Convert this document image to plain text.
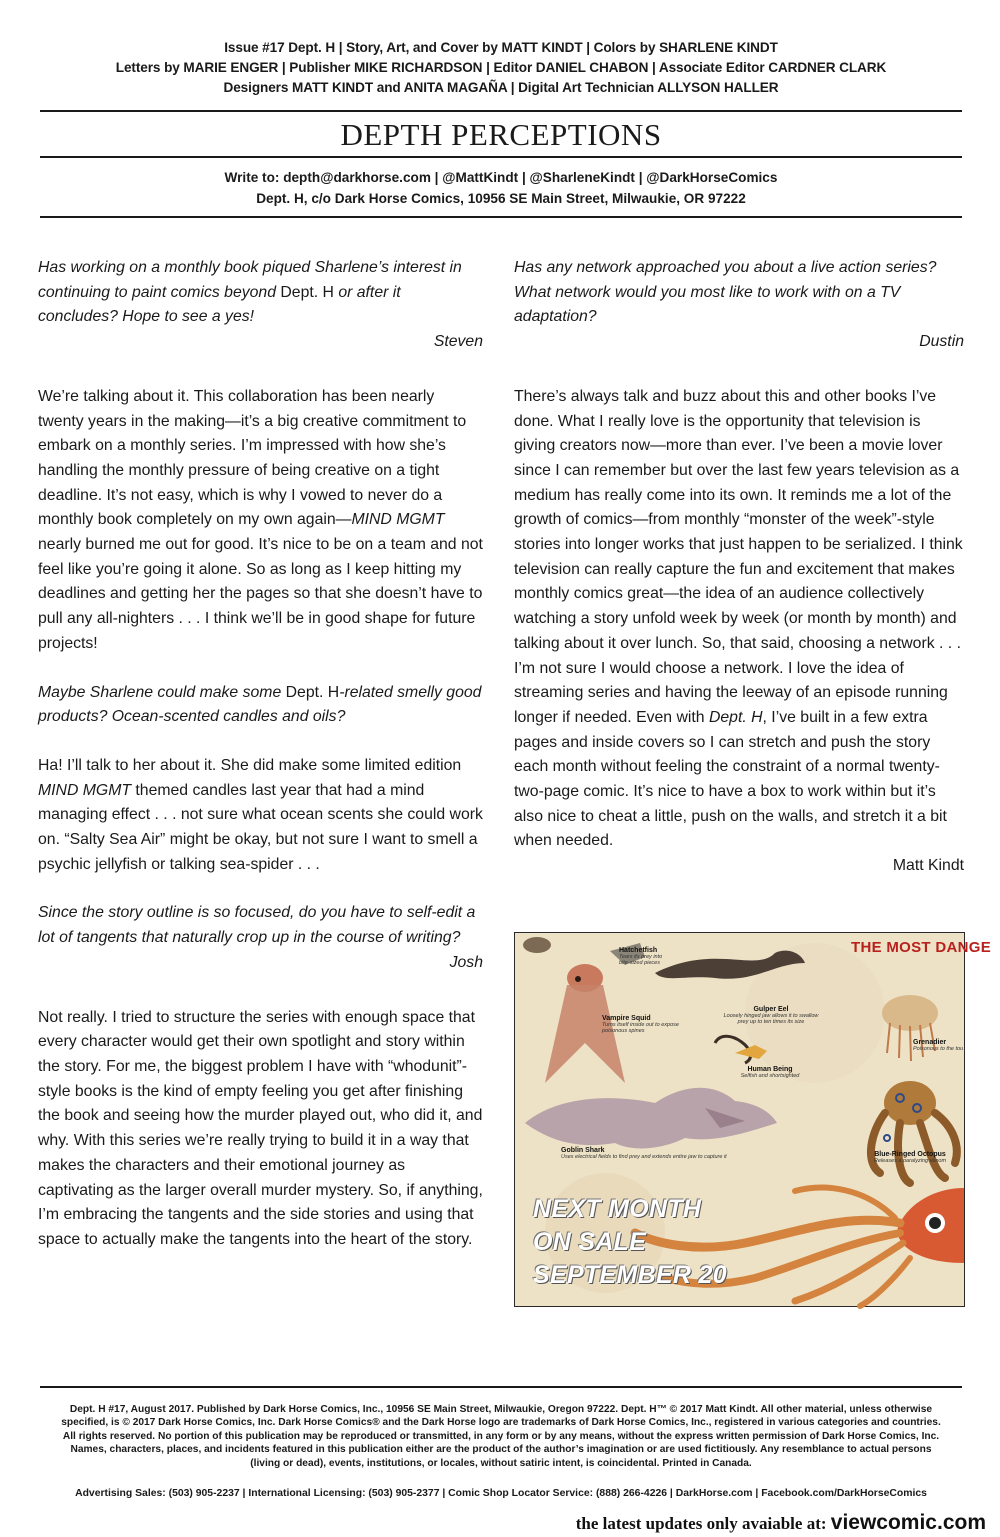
Issue #17 Dept. H | Story, Art, and Cover by MATT KINDT | Colors by SHARLENE KINDT
Letters by MARIE ENGER | Publisher MIKE RICHARDSON | Editor DANIEL CHABON | Associate Editor CARDNER CLARK
Designers MATT KINDT and ANITA MAGAÑA | Digital Art Technician ALLYSON HALLER
DEPTH PERCEPTIONS
Write to: depth@darkhorse.com | @MattKindt | @SharleneKindt | @DarkHorseComics
Dept. H, c/o Dark Horse Comics, 10956 SE Main Street, Milwaukie, OR 97222

Has working on a monthly book piqued Sharlene’s interest in continuing to paint comics beyond Dept. H or after it concludes? Hope to see a yes!

Steven

We’re talking about it. This collaboration has been nearly twenty years in the making—it’s a big creative commitment to embark on a monthly series. I’m impressed with how she’s handling the monthly pressure of being creative on a tight deadline. It’s not easy, which is why I vowed to never do a monthly book completely on my own again—MIND MGMT nearly burned me out for good. It’s nice to be on a team and not feel like you’re going it alone. So as long as I keep hitting my deadlines and getting her the pages so that she doesn’t have to pull any all-nighters . . . I think we’ll be in good shape for future projects!

Maybe Sharlene could make some Dept. H-related smelly good products? Ocean-scented candles and oils?

Ha! I’ll talk to her about it. She did make some limited edition MIND MGMT themed candles last year that had a mind managing effect . . . not sure what ocean scents she could work on. “Salty Sea Air” might be okay, but not sure I want to smell a psychic jellyfish or talking sea-spider . . .

Since the story outline is so focused, do you have to self-edit a lot of tangents that naturally crop up in the course of writing?

Josh

Not really. I tried to structure the series with enough space that every character would get their own spotlight and story within the story. For me, the biggest problem I have with “whodunit”-style books is the kind of empty feeling you get after finishing the book and seeing how the murder played out, who did it, and why. With this series we’re really trying to build it in a way that makes the characters and their emotional journey as captivating as the larger overall murder mystery. So, if anything, I’m embracing the tangents and the side stories and using that space to actually make the tangents into the heart of the story.

Has any network approached you about a live action series? What network would you most like to work with on a TV adaptation?

Dustin

There’s always talk and buzz about this and other books I’ve done. What I really love is the opportunity that television is giving creators now—more than ever. I’ve been a movie lover since I can remember but over the last few years television as a medium has really come into its own. It reminds me a lot of the growth of comics—from monthly “monster of the week”-style stories into longer works that just happen to be serialized. I think television can really capture the fun and excitement that makes monthly comics great—the idea of an audience collectively watching a story unfold week by week (or month by month) and talking about it over lunch. So, that said, choosing a network . . . I’m not sure I would choose a network. I love the idea of streaming series and having the leeway of an episode running longer if needed. Even with Dept. H, I’ve built in a few extra pages and inside covers so I can stretch and push the story each month without feeling the constraint of a normal twenty-two-page comic. It’s nice to have a box to work within but it’s also nice to cheat a little, push on the walls, and stretch it a bit when needed.

Matt Kindt

THE MOST DANGE
Hatchetfish
Tears its prey into bite-sized pieces
Vampire Squid
Turns itself inside out to expose poisonous spines
Gulper Eel
Loosely hinged jaw allows it to swallow prey up to ten times its size
Grenadier
Poisonous to the tou
Human Being
Selfish and shortsighted
Goblin Shark
Uses electrical fields to find prey and extends entire jaw to capture it	Blue-Ringed Octopus
Releases a paralyzing venom
NEXT MONTH
ON SALE
SEPTEMBER 20
Dept. H #17, August 2017. Published by Dark Horse Comics, Inc., 10956 SE Main Street, Milwaukie, Oregon 97222. Dept. H™ © 2017 Matt Kindt. All other material, unless otherwise specified, is © 2017 Dark Horse Comics, Inc. Dark Horse Comics® and the Dark Horse logo are trademarks of Dark Horse Comics, Inc., registered in various categories and countries. All rights reserved. No portion of this publication may be reproduced or transmitted, in any form or by any means, without the express written permission of Dark Horse Comics, Inc. Names, characters, places, and incidents featured in this publication either are the product of the author’s imagination or are used fictitiously. Any resemblance to actual persons (living or dead), events, institutions, or locales, without satiric intent, is coincidental. Printed in Canada.
Advertising Sales: (503) 905-2237 | International Licensing: (503) 905-2377 | Comic Shop Locator Service: (888) 266-4226 | DarkHorse.com | Facebook.com/DarkHorseComics
the latest updates only avaiable at: viewcomic.com
